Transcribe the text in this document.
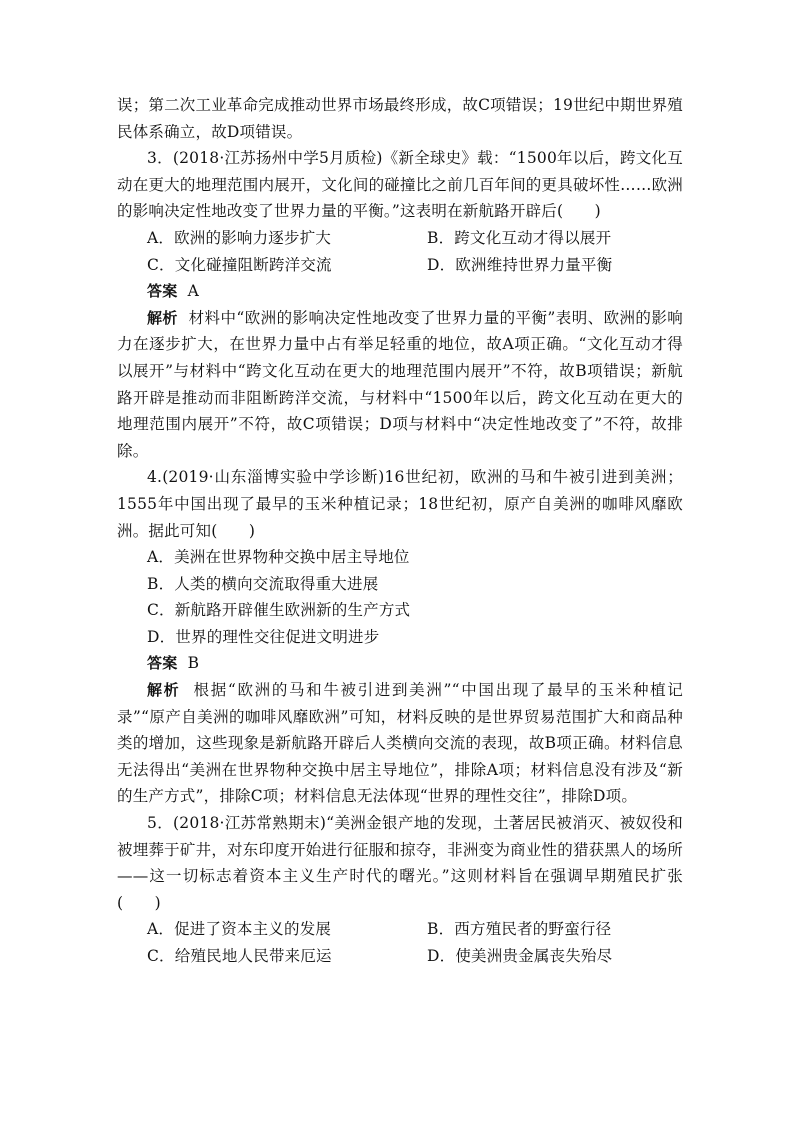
误；第二次工业革命完成推动世界市场最终形成，故C项错误；19世纪中期世界殖民体系确立，故D项错误。

3．(2018·江苏扬州中学5月质检)《新全球史》载：“1500年以后，跨文化互动在更大的地理范围内展开，文化间的碰撞比之前几百年间的更具破坏性……欧洲的影响决定性地改变了世界力量的平衡。”这表明在新航路开辟后(　　)

A．欧洲的影响力逐步扩大	B．跨文化互动才得以展开
C．文化碰撞阻断跨洋交流	D．欧洲维持世界力量平衡

答案 A

解析 材料中“欧洲的影响决定性地改变了世界力量的平衡”表明、欧洲的影响力在逐步扩大，在世界力量中占有举足轻重的地位，故A项正确。“文化互动才得以展开”与材料中“跨文化互动在更大的地理范围内展开”不符，故B项错误；新航路开辟是推动而非阻断跨洋交流，与材料中“1500年以后，跨文化互动在更大的地理范围内展开”不符，故C项错误；D项与材料中“决定性地改变了”不符，故排除。

4.(2019·山东淄博实验中学诊断)16世纪初，欧洲的马和牛被引进到美洲；1555年中国出现了最早的玉米种植记录；18世纪初，原产自美洲的咖啡风靡欧洲。据此可知(　　)

A．美洲在世界物种交换中居主导地位

B．人类的横向交流取得重大进展

C．新航路开辟催生欧洲新的生产方式

D．世界的理性交往促进文明进步

答案 B

解析 根据“欧洲的马和牛被引进到美洲”“中国出现了最早的玉米种植记录”“原产自美洲的咖啡风靡欧洲”可知，材料反映的是世界贸易范围扩大和商品种类的增加，这些现象是新航路开辟后人类横向交流的表现，故B项正确。材料信息无法得出“美洲在世界物种交换中居主导地位”，排除A项；材料信息没有涉及“新的生产方式”，排除C项；材料信息无法体现“世界的理性交往”，排除D项。

5．(2018·江苏常熟期末)“美洲金银产地的发现，土著居民被消灭、被奴役和被埋葬于矿井，对东印度开始进行征服和掠夺，非洲变为商业性的猎获黑人的场所——这一切标志着资本主义生产时代的曙光。”这则材料旨在强调早期殖民扩张(　　)

A．促进了资本主义的发展	B．西方殖民者的野蛮行径
C．给殖民地人民带来厄运	D．使美洲贵金属丧失殆尽
